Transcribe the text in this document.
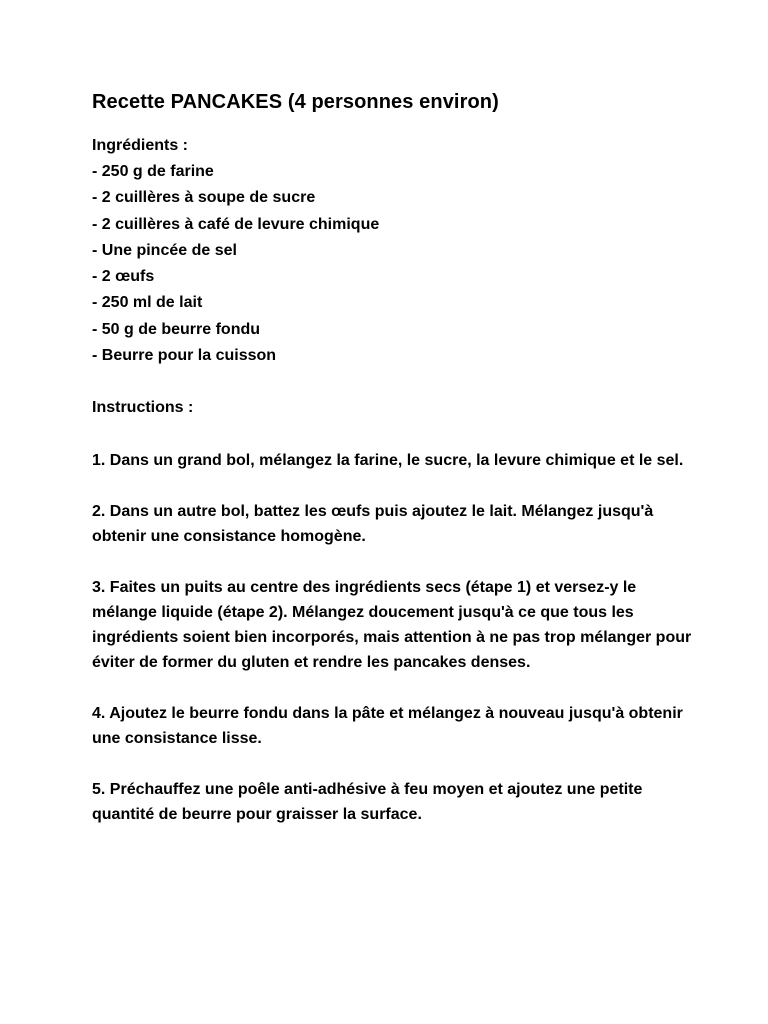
Recette PANCAKES (4 personnes environ)

Ingrédients :

- 250 g de farine
- 2 cuillères à soupe de sucre
- 2 cuillères à café de levure chimique
- Une pincée de sel
- 2 œufs
- 250 ml de lait
- 50 g de beurre fondu
- Beurre pour la cuisson

Instructions :

1. Dans un grand bol, mélangez la farine, le sucre, la levure chimique et le sel.

2. Dans un autre bol, battez les œufs puis ajoutez le lait. Mélangez jusqu'à obtenir une consistance homogène.

3. Faites un puits au centre des ingrédients secs (étape 1) et versez-y le mélange liquide (étape 2). Mélangez doucement jusqu'à ce que tous les ingrédients soient bien incorporés, mais attention à ne pas trop mélanger pour éviter de former du gluten et rendre les pancakes denses.

4. Ajoutez le beurre fondu dans la pâte et mélangez à nouveau jusqu'à obtenir une consistance lisse.

5. Préchauffez une poêle anti-adhésive à feu moyen et ajoutez une petite quantité de beurre pour graisser la surface.
